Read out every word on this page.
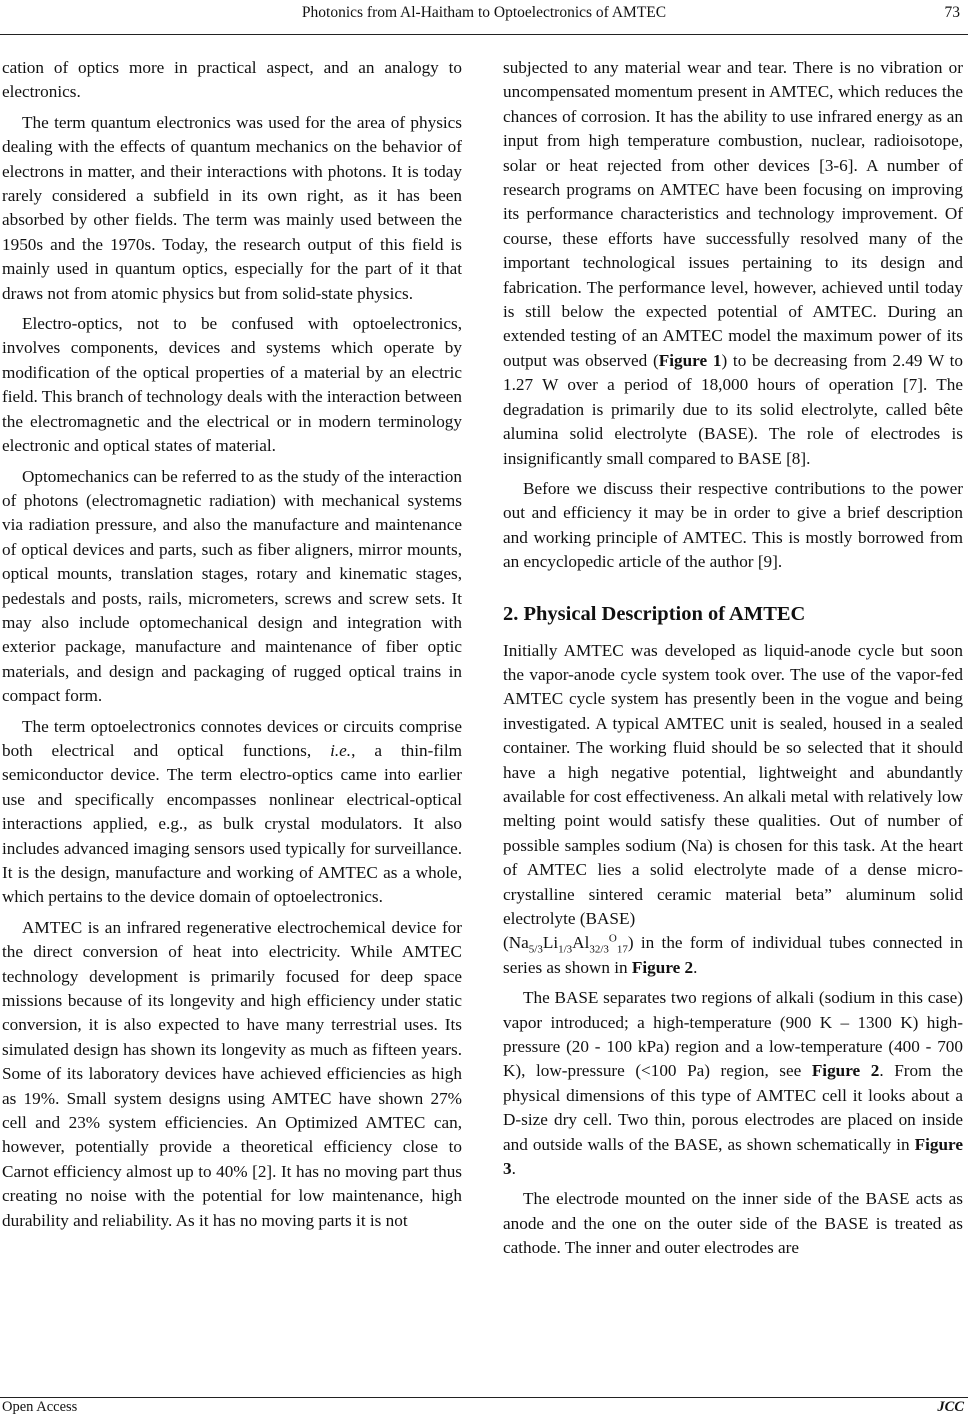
Photonics from Al-Haitham to Optoelectronics of AMTEC	73

cation of optics more in practical aspect, and an analogy to electronics.

The term quantum electronics was used for the area of physics dealing with the effects of quantum mechanics on the behavior of electrons in matter, and their interactions with photons. It is today rarely considered a subfield in its own right, as it has been absorbed by other fields. The term was mainly used between the 1950s and the 1970s. Today, the research output of this field is mainly used in quantum optics, especially for the part of it that draws not from atomic physics but from solid-state physics.

Electro-optics, not to be confused with optoelectronics, involves components, devices and systems which operate by modification of the optical properties of a material by an electric field. This branch of technology deals with the interaction between the electromagnetic and the electrical or in modern terminology electronic and optical states of material.

Optomechanics can be referred to as the study of the interaction of photons (electromagnetic radiation) with mechanical systems via radiation pressure, and also the manufacture and maintenance of optical devices and parts, such as fiber aligners, mirror mounts, optical mounts, translation stages, rotary and kinematic stages, pedestals and posts, rails, micrometers, screws and screw sets. It may also include optomechanical design and integration with exterior package, manufacture and maintenance of fiber optic materials, and design and packaging of rugged optical trains in compact form.

The term optoelectronics connotes devices or circuits comprise both electrical and optical functions, i.e., a thin-film semiconductor device. The term electro-optics came into earlier use and specifically encompasses nonlinear electrical-optical interactions applied, e.g., as bulk crystal modulators. It also includes advanced imaging sensors used typically for surveillance. It is the design, manufacture and working of AMTEC as a whole, which pertains to the device domain of optoelectronics.

AMTEC is an infrared regenerative electrochemical device for the direct conversion of heat into electricity. While AMTEC technology development is primarily focused for deep space missions because of its longevity and high efficiency under static conversion, it is also expected to have many terrestrial uses. Its simulated design has shown its longevity as much as fifteen years. Some of its laboratory devices have achieved efficiencies as high as 19%. Small system designs using AMTEC have shown 27% cell and 23% system efficiencies. An Optimized AMTEC can, however, potentially provide a theoretical efficiency close to Carnot efficiency almost up to 40% [2]. It has no moving part thus creating no noise with the potential for low maintenance, high durability and reliability. As it has no moving parts it is not

subjected to any material wear and tear. There is no vibration or uncompensated momentum present in AMTEC, which reduces the chances of corrosion. It has the ability to use infrared energy as an input from high temperature combustion, nuclear, radioisotope, solar or heat rejected from other devices [3-6]. A number of research programs on AMTEC have been focusing on improving its performance characteristics and technology improvement. Of course, these efforts have successfully resolved many of the important technological issues pertaining to its design and fabrication. The performance level, however, achieved until today is still below the expected potential of AMTEC. During an extended testing of an AMTEC model the maximum power of its output was observed (Figure 1) to be decreasing from 2.49 W to 1.27 W over a period of 18,000 hours of operation [7]. The degradation is primarily due to its solid electrolyte, called bête alumina solid electrolyte (BASE). The role of electrodes is insignificantly small compared to BASE [8].

Before we discuss their respective contributions to the power out and efficiency it may be in order to give a brief description and working principle of AMTEC. This is mostly borrowed from an encyclopedic article of the author [9].

2. Physical Description of AMTEC

Initially AMTEC was developed as liquid-anode cycle but soon the vapor-anode cycle system took over. The use of the vapor-fed AMTEC cycle system has presently been in the vogue and being investigated. A typical AMTEC unit is sealed, housed in a sealed container. The working fluid should be so selected that it should have a high negative potential, lightweight and abundantly available for cost effectiveness. An alkali metal with relatively low melting point would satisfy these qualities. Out of number of possible samples sodium (Na) is chosen for this task. At the heart of AMTEC lies a solid electrolyte made of a dense micro-crystalline sintered ceramic material beta” aluminum solid electrolyte (BASE)
$(Na_{5/3}Li_{1/3}Al_{32/3}^O_{17})$ in the form of individual tubes connected in series as shown in Figure 2.

The BASE separates two regions of alkali (sodium in this case) vapor introduced; a high-temperature (900 K – 1300 K) high-pressure (20 - 100 kPa) region and a low-temperature (400 - 700 K), low-pressure (<100 Pa) region, see Figure 2. From the physical dimensions of this type of AMTEC cell it looks about a D-size dry cell. Two thin, porous electrodes are placed on inside and outside walls of the BASE, as shown schematically in Figure 3.

The electrode mounted on the inner side of the BASE acts as anode and the one on the outer side of the BASE is treated as cathode. The inner and outer electrodes are

Open Access	JCC
